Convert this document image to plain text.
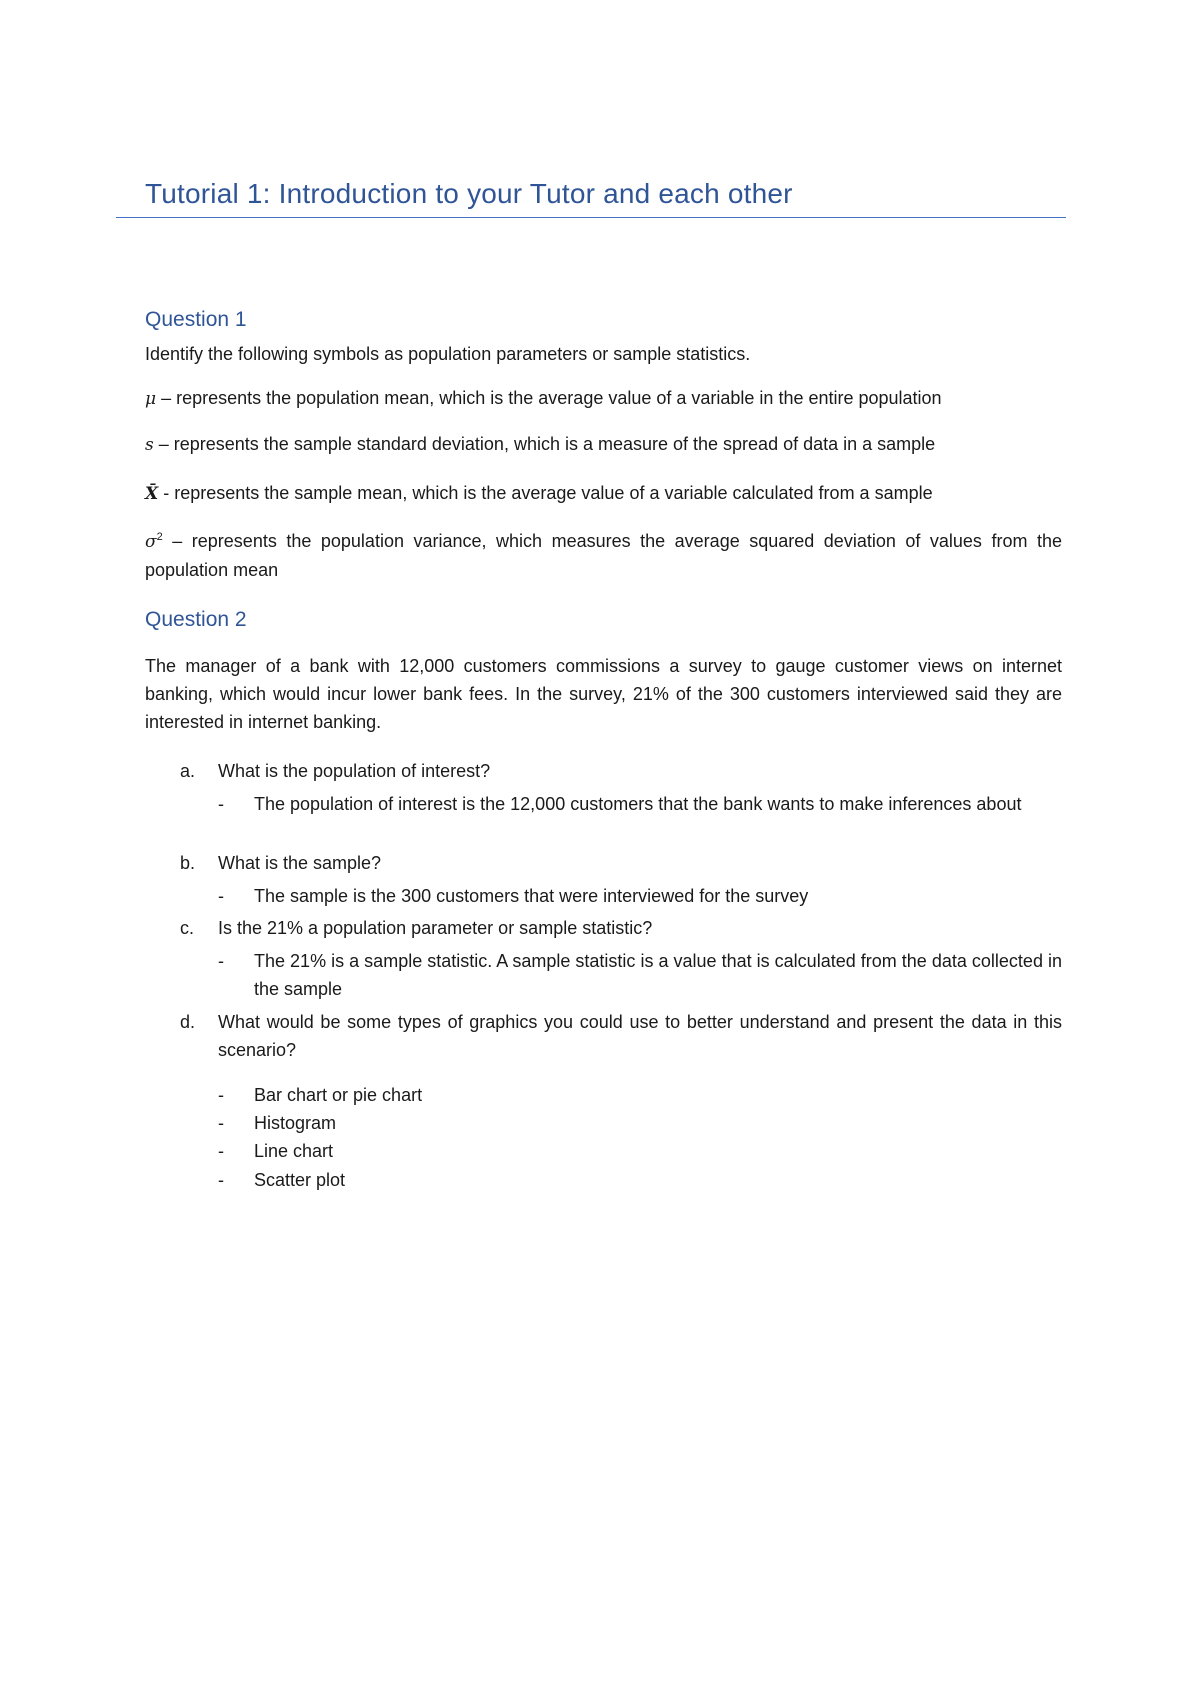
Tutorial 1: Introduction to your Tutor and each other
Question 1
Identify the following symbols as population parameters or sample statistics.
μ – represents the population mean, which is the average value of a variable in the entire population
s – represents the sample standard deviation, which is a measure of the spread of data in a sample
X̄ - represents the sample mean, which is the average value of a variable calculated from a sample
$\sigma^2$ – represents the population variance, which measures the average squared deviation of values from the population mean
Question 2
The manager of a bank with 12,000 customers commissions a survey to gauge customer views on internet banking, which would incur lower bank fees. In the survey, 21% of the 300 customers interviewed said they are interested in internet banking.
a. What is the population of interest?
- The population of interest is the 12,000 customers that the bank wants to make inferences about
b. What is the sample?
- The sample is the 300 customers that were interviewed for the survey
c. Is the 21% a population parameter or sample statistic?
- The 21% is a sample statistic. A sample statistic is a value that is calculated from the data collected in the sample
d. What would be some types of graphics you could use to better understand and present the data in this scenario?
- Bar chart or pie chart
- Histogram
- Line chart
- Scatter plot
